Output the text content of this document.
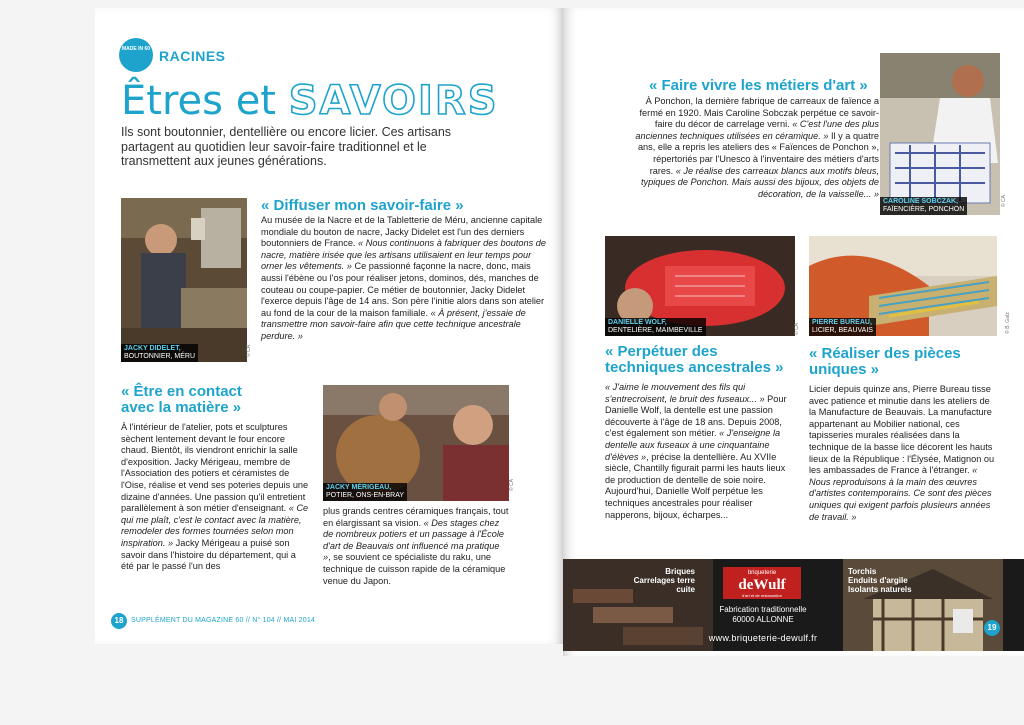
MADE IN 60 RACINES
Êtres et SAVOIRS
Ils sont boutonnier, dentellière ou encore licier. Ces artisans partagent au quotidien leur savoir-faire traditionnel et le transmettent aux jeunes générations.
JACKY DIDELET,
BOUTONNIER, MÉRU	© CA
« Diffuser mon savoir-faire »
Au musée de la Nacre et de la Tabletterie de Méru, ancienne capitale mondiale du bouton de nacre, Jacky Didelet est l'un des derniers boutonniers de France. « Nous continuons à fabriquer des boutons de nacre, matière irisée que les artisans utilisaient en leur temps pour orner les vêtements. » Ce passionné façonne la nacre, donc, mais aussi l'ébène ou l'os pour réaliser jetons, dominos, dés, manches de couteau ou coupe-papier. Ce métier de boutonnier, Jacky Didelet l'exerce depuis l'âge de 14 ans. Son père l'initie alors dans son atelier au fond de la cour de la maison familiale. « À présent, j'essaie de transmettre mon savoir-faire afin que cette technique ancestrale perdure. »
« Être en contact avec la matière »
À l'intérieur de l'atelier, pots et sculptures sèchent lentement devant le four encore chaud. Bientôt, ils viendront enrichir la salle d'exposition. Jacky Mérigeau, membre de l'Association des potiers et céramistes de l'Oise, réalise et vend ses poteries depuis une dizaine d'années. Une passion qu'il entretient parallèlement à son métier d'enseignant. « Ce qui me plaît, c'est le contact avec la matière, remodeler des formes tournées selon mon inspiration. » Jacky Mérigeau a puisé son savoir dans l'histoire du département, qui a été par le passé l'un des
JACKY MÉRIGEAU,
POTIER, ONS-EN-BRAY
© CA
plus grands centres céramiques français, tout en élargissant sa vision. « Des stages chez de nombreux potiers et un passage à l'École d'art de Beauvais ont influencé ma pratique », se souvient ce spécialiste du raku, une technique de cuisson rapide de la céramique venue du Japon.
18	SUPPLÉMENT DU MAGAZINE 60 // N° 104 // MAI 2014
« Faire vivre les métiers d'art »
À Ponchon, la dernière fabrique de carreaux de faïence a fermé en 1920. Mais Caroline Sobczak perpétue ce savoir-faire du décor de carrelage verni. « C'est l'une des plus anciennes techniques utilisées en céramique. » Il y a quatre ans, elle a repris les ateliers des « Faïences de Ponchon », répertoriés par l'Unesco à l'inventaire des métiers d'arts rares. « Je réalise des carreaux blancs aux motifs bleus, typiques de Ponchon. Mais aussi des bijoux, des objets de décoration, de la vaisselle... »
CAROLINE SOBCZAK,
FAÏENCIÈRE, PONCHON
© CA
DANIELLE WOLF,
DENTELIÈRE, MAIMBEVILLE	© CA
PIERRE BUREAU,
LICIER, BEAUVAIS	© B. Gatz
« Perpétuer des techniques ancestrales »
« J'aime le mouvement des fils qui s'entrecroisent, le bruit des fuseaux... » Pour Danielle Wolf, la dentelle est une passion découverte à l'âge de 18 ans. Depuis 2008, c'est également son métier. « J'enseigne la dentelle aux fuseaux à une cinquantaine d'élèves », précise la dentellière. Au XVIIe siècle, Chantilly figurait parmi les hauts lieux de production de dentelle de soie noire. Aujourd'hui, Danielle Wolf perpétue les techniques ancestrales pour réaliser napperons, bijoux, écharpes...
« Réaliser des pièces uniques »
Licier depuis quinze ans, Pierre Bureau tisse avec patience et minutie dans les ateliers de la Manufacture de Beauvais. La manufacture appartenant au Mobilier national, ces tapisseries murales réalisées dans la technique de la basse lice décorent les hauts lieux de la République : l'Élysée, Matignon ou les ambassades de France à l'étranger. « Nous reproduisons à la main des œuvres d'artistes contemporains. Ce sont des pièces uniques qui exigent parfois plusieurs années de travail. »
Briques
Carrelages terre cuite
briqueterie
deWulf
d'art et de restauration
Fabrication traditionnelle
60000 ALLONNE
www.briqueterie-dewulf.fr
Torchis
Enduits d'argile
Isolants naturels
19
